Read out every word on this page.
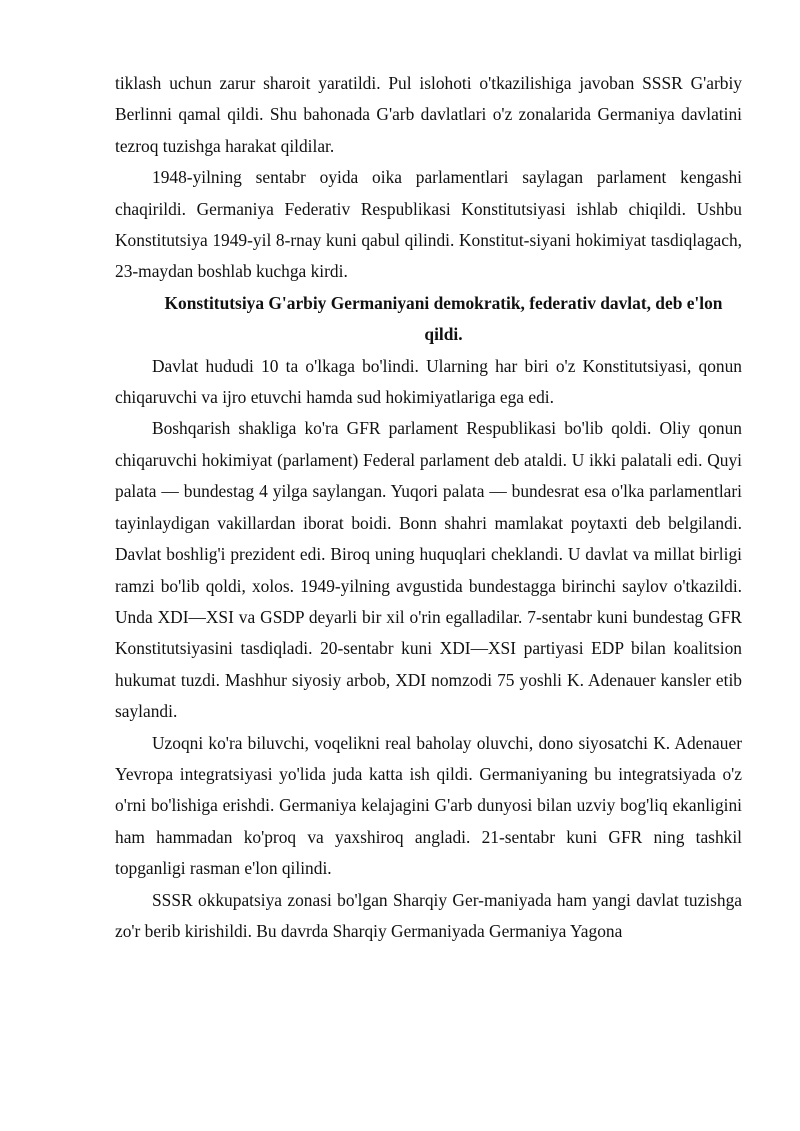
tiklash uchun zarur sharoit yaratildi. Pul islohoti o'tkazilishiga javoban SSSR G'arbiy Berlinni qamal qildi. Shu bahonada G'arb davlatlari o'z zonalarida Germaniya davlatini tezroq tuzishga harakat qildilar.

1948-yilning sentabr oyida oika parlamentlari saylagan parlament kengashi chaqirildi. Germaniya Federativ Respublikasi Konstitutsiyasi ishlab chiqildi. Ushbu Konstitutsiya 1949-yil 8-rnay kuni qabul qilindi. Konstitut-siyani hokimiyat tasdiqlagach, 23-maydan boshlab kuchga kirdi.

Konstitutsiya G'arbiy Germaniyani demokratik, federativ davlat, deb e'lon qildi.

Davlat hududi 10 ta o'lkaga bo'lindi. Ularning har biri o'z Konstitutsiyasi, qonun chiqaruvchi va ijro etuvchi hamda sud hokimiyatlariga ega edi.

Boshqarish shakliga ko'ra GFR parlament Respublikasi bo'lib qoldi. Oliy qonun chiqaruvchi hokimiyat (parlament) Federal parlament deb ataldi. U ikki palatali edi. Quyi palata — bundestag 4 yilga saylangan. Yuqori palata — bundesrat esa o'lka parlamentlari tayinlaydigan vakillardan iborat boidi. Bonn shahri mamlakat poytaxti deb belgilandi. Davlat boshlig'i prezident edi. Biroq uning huquqlari cheklandi. U davlat va millat birligi ramzi bo'lib qoldi, xolos. 1949-yilning avgustida bundestagga birinchi saylov o'tkazildi. Unda XDI—XSI va GSDP deyarli bir xil o'rin egalladilar. 7-sentabr kuni bundestag GFR Konstitutsiyasini tasdiqladi. 20-sentabr kuni XDI—XSI partiyasi EDP bilan koalitsion hukumat tuzdi. Mashhur siyosiy arbob, XDI nomzodi 75 yoshli K. Adenauer kansler etib saylandi.

Uzoqni ko'ra biluvchi, voqelikni real baholay oluvchi, dono siyosatchi K. Adenauer Yevropa integratsiyasi yo'lida juda katta ish qildi. Germaniyaning bu integratsiyada o'z o'rni bo'lishiga erishdi. Germaniya kelajagini G'arb dunyosi bilan uzviy bog'liq ekanligini ham hammadan ko'proq va yaxshiroq angladi. 21-sentabr kuni GFR ning tashkil topganligi rasman e'lon qilindi.

SSSR okkupatsiya zonasi bo'lgan Sharqiy Ger-maniyada ham yangi davlat tuzishga zo'r berib kirishildi. Bu davrda Sharqiy Germaniyada Germaniya Yagona
